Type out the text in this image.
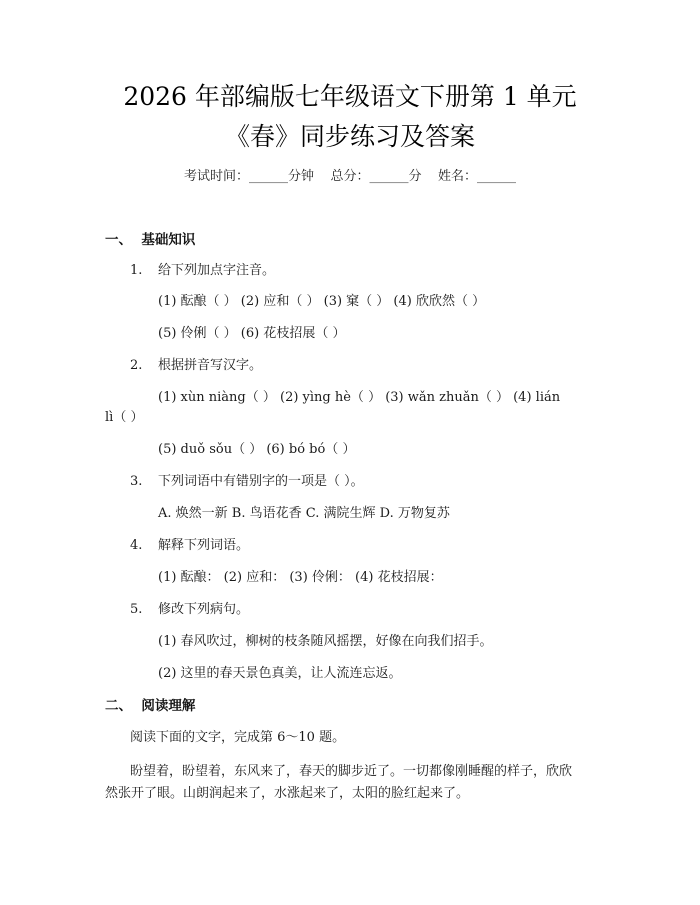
2026 年部编版七年级语文下册第 1 单元
《春》同步练习及答案
考试时间：______分钟    总分：______分    姓名：______
一、  基础知识
1. 给下列加点字注音。
(1) 酝酿（ ） (2) 应和（ ） (3) 窠（ ） (4) 欣欣然（ ）
(5) 伶俐（ ） (6) 花枝招展（ ）
2. 根据拼音写汉字。
(1) xùn niàng（ ） (2) yìng hè（ ） (3) wǎn zhuǎn（ ） (4) lián
lì（ ）
(5) duǒ sǒu（ ） (6) bó bó（ ）
3. 下列词语中有错别字的一项是（ ）。
A. 焕然一新 B. 鸟语花香 C. 满院生辉 D. 万物复苏
4. 解释下列词语。
(1) 酝酿： (2) 应和： (3) 伶俐： (4) 花枝招展：
5. 修改下列病句。
(1) 春风吹过，柳树的枝条随风摇摆，好像在向我们招手。
(2) 这里的春天景色真美，让人流连忘返。
二、  阅读理解
阅读下面的文字，完成第 6～10 题。
盼望着，盼望着，东风来了，春天的脚步近了。一切都像刚睡醒的样子，欣欣
然张开了眼。山朗润起来了，水涨起来了，太阳的脸红起来了。
